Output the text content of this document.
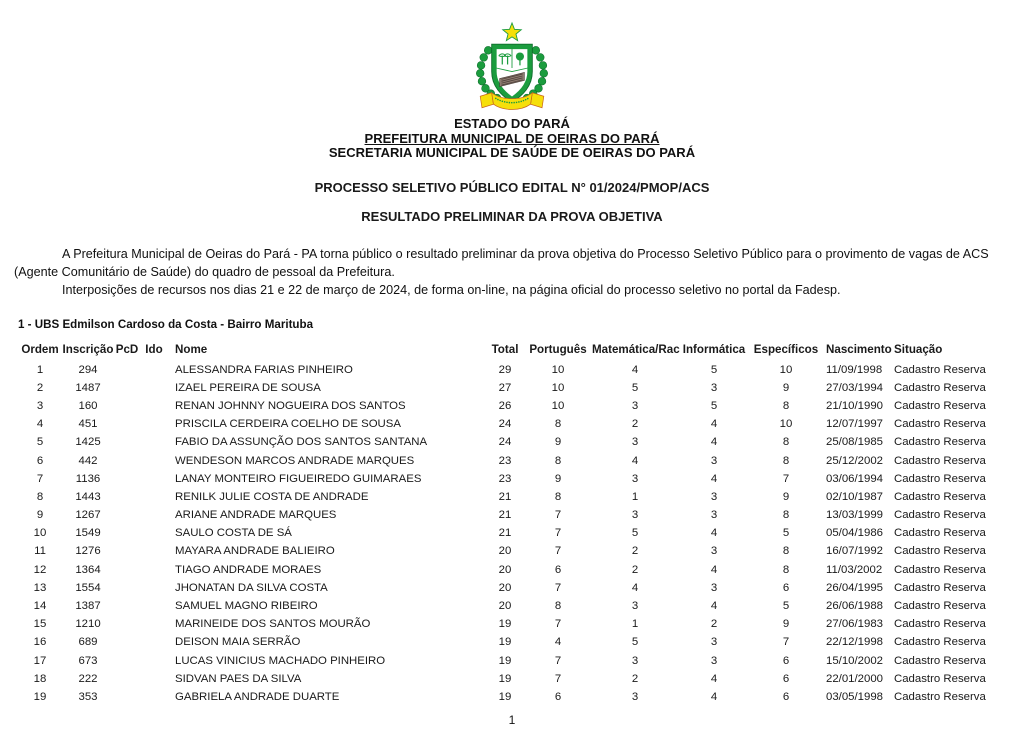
ESTADO DO PARÁ
PREFEITURA MUNICIPAL DE OEIRAS DO PARÁ
SECRETARIA MUNICIPAL DE SAÚDE DE OEIRAS DO PARÁ
PROCESSO SELETIVO PÚBLICO EDITAL N° 01/2024/PMOP/ACS
RESULTADO PRELIMINAR DA PROVA OBJETIVA

A Prefeitura Municipal de Oeiras do Pará - PA torna público o resultado preliminar da prova objetiva do Processo Seletivo Público para o provimento de vagas de ACS (Agente Comunitário de Saúde) do quadro de pessoal da Prefeitura.

Interposições de recursos nos dias 21 e 22 de março de 2024, de forma on-line, na página oficial do processo seletivo no portal da Fadesp.

1 - UBS Edmilson Cardoso da Costa - Bairro Marituba
Ordem	Inscrição	PcD	Ido	Nome	Total	Português	Matemática/Rac	Informática	Específicos	Nascimento	Situação
1	294			ALESSANDRA FARIAS PINHEIRO	29	10	4	5	10	11/09/1998	Cadastro Reserva
2	1487			IZAEL PEREIRA DE SOUSA	27	10	5	3	9	27/03/1994	Cadastro Reserva
3	160			RENAN JOHNNY NOGUEIRA DOS SANTOS	26	10	3	5	8	21/10/1990	Cadastro Reserva
4	451			PRISCILA CERDEIRA COELHO DE SOUSA	24	8	2	4	10	12/07/1997	Cadastro Reserva
5	1425			FABIO DA ASSUNÇÃO DOS SANTOS SANTANA	24	9	3	4	8	25/08/1985	Cadastro Reserva
6	442			WENDESON MARCOS ANDRADE MARQUES	23	8	4	3	8	25/12/2002	Cadastro Reserva
7	1136			LANAY MONTEIRO FIGUEIREDO GUIMARAES	23	9	3	4	7	03/06/1994	Cadastro Reserva
8	1443			RENILK JULIE COSTA DE ANDRADE	21	8	1	3	9	02/10/1987	Cadastro Reserva
9	1267			ARIANE ANDRADE MARQUES	21	7	3	3	8	13/03/1999	Cadastro Reserva
10	1549			SAULO COSTA DE SÁ	21	7	5	4	5	05/04/1986	Cadastro Reserva
11	1276			MAYARA ANDRADE BALIEIRO	20	7	2	3	8	16/07/1992	Cadastro Reserva
12	1364			TIAGO ANDRADE MORAES	20	6	2	4	8	11/03/2002	Cadastro Reserva
13	1554			JHONATAN DA SILVA COSTA	20	7	4	3	6	26/04/1995	Cadastro Reserva
14	1387			SAMUEL MAGNO RIBEIRO	20	8	3	4	5	26/06/1988	Cadastro Reserva
15	1210			MARINEIDE DOS SANTOS MOURÃO	19	7	1	2	9	27/06/1983	Cadastro Reserva
16	689			DEISON MAIA SERRÃO	19	4	5	3	7	22/12/1998	Cadastro Reserva
17	673			LUCAS VINICIUS MACHADO PINHEIRO	19	7	3	3	6	15/10/2002	Cadastro Reserva
18	222			SIDVAN PAES DA SILVA	19	7	2	4	6	22/01/2000	Cadastro Reserva
19	353			GABRIELA ANDRADE DUARTE	19	6	3	4	6	03/05/1998	Cadastro Reserva
1
